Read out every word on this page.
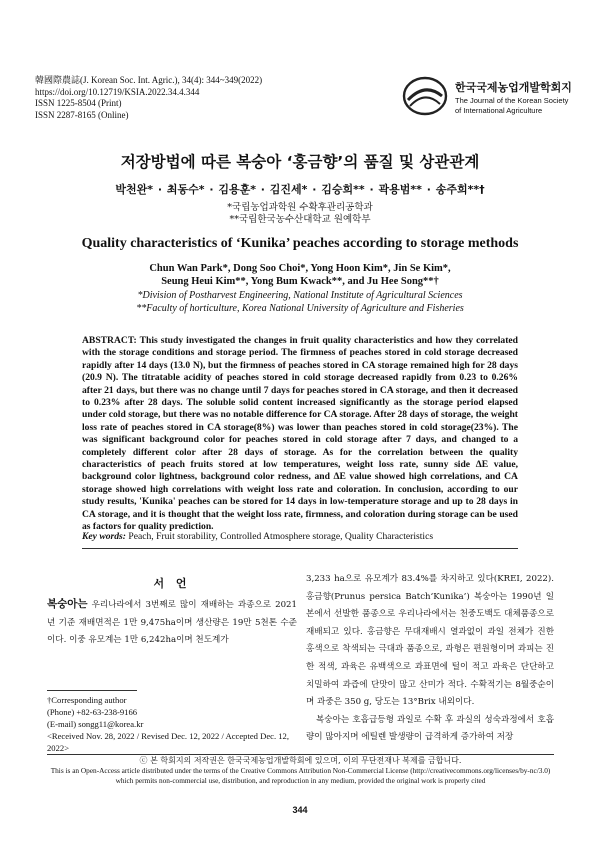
韓國際農誌(J. Korean Soc. Int. Agric.), 34(4): 344~349(2022)
https://doi.org/10.12719/KSIA.2022.34.4.344
ISSN 1225-8504 (Print)
ISSN 2287-8165 (Online)
한국국제농업개발학회지
The Journal of the Korean Society
of International Agriculture
저장방법에 따른 복숭아 ‘홍금향’의 품질 및 상관관계
박천완* · 최동수* · 김용훈* · 김진세* · 김승희** · 곽용범** · 송주희**†
*국립농업과학원 수확후관리공학과
**국립한국농수산대학교 원예학부
Quality characteristics of ‘Kunika’ peaches according to storage methods
Chun Wan Park*, Dong Soo Choi*, Yong Hoon Kim*, Jin Se Kim*,
Seung Heui Kim**, Yong Bum Kwack**, and Ju Hee Song**†
*Division of Postharvest Engineering, National Institute of Agricultural Sciences
**Faculty of horticulture, Korea National University of Agriculture and Fisheries
ABSTRACT: This study investigated the changes in fruit quality characteristics and how they correlated with the storage conditions and storage period. The firmness of peaches stored in cold storage decreased rapidly after 14 days (13.0 N), but the firmness of peaches stored in CA storage remained high for 28 days (20.9 N). The titratable acidity of peaches stored in cold storage decreased rapidly from 0.23 to 0.26% after 21 days, but there was no change until 7 days for peaches stored in CA storage, and then it decreased to 0.23% after 28 days. The soluble solid content increased significantly as the storage period elapsed under cold storage, but there was no notable difference for CA storage. After 28 days of storage, the weight loss rate of peaches stored in CA storage(8%) was lower than peaches stored in cold storage(23%). The was significant background color for peaches stored in cold storage after 7 days, and changed to a completely different color after 28 days of storage. As for the correlation between the quality characteristics of peach fruits stored at low temperatures, weight loss rate, sunny side ΔE value, background color lightness, background color redness, and ΔE value showed high correlations, and CA storage showed high correlations with weight loss rate and coloration. In conclusion, according to our study results, 'Kunika' peaches can be stored for 14 days in low-temperature storage and up to 28 days in CA storage, and it is thought that the weight loss rate, firmness, and coloration during storage can be used as factors for quality prediction.
Key words: Peach, Fruit storability, Controlled Atmosphere storage, Quality Characteristics
서 언
복숭아는 우리나라에서 3번째로 많이 재배하는 과종으로 2021년 기준 재배면적은 1만 9,475ha이며 생산량은 19만 5천톤 수준이다. 이중 유모계는 1만 6,242ha이며 천도계가
3,233 ha으로 유모계가 83.4%를 차지하고 있다(KREI, 2022). 홍금향(Prunus persica Batch‘Kunika’) 복숭아는 1990년 일본에서 선발한 품종으로 우리나라에서는 천중도백도 대체품종으로 재배되고 있다. 홍금향은 무대재배시 열과없이 과일 전체가 진한 홍색으로 착색되는 극대과 품종으로, 과형은 편원형이며 과피는 진한 적색, 과육은 유백색으로 과표면에 털이 적고 과육은 단단하고 치밀하여 과즙에 단맛이 많고 산미가 적다. 수확적기는 8월중순이며 과중은 350 g, 당도는 13°Brix 내외이다.
복숭아는 호흡급등형 과일로 수확 후 과실의 성숙과정에서 호흡량이 많아지며 에틸렌 발생량이 급격하게 증가하여 저장
†Corresponding author
(Phone) +82-63-238-9166
(E-mail) songg11@korea.kr
<Received Nov. 28, 2022 / Revised Dec. 12, 2022 / Accepted Dec. 12, 2022>
ⓒ 본 학회지의 저작권은 한국국제농업개발학회에 있으며, 이의 무단전재나 복제를 금합니다.
This is an Open-Access article distributed under the terms of the Creative Commons Attribution Non-Commercial License (http://creativecommons.org/licenses/by-nc/3.0) which permits non-commercial use, distribution, and reproduction in any medium, provided the original work is properly cited
344
